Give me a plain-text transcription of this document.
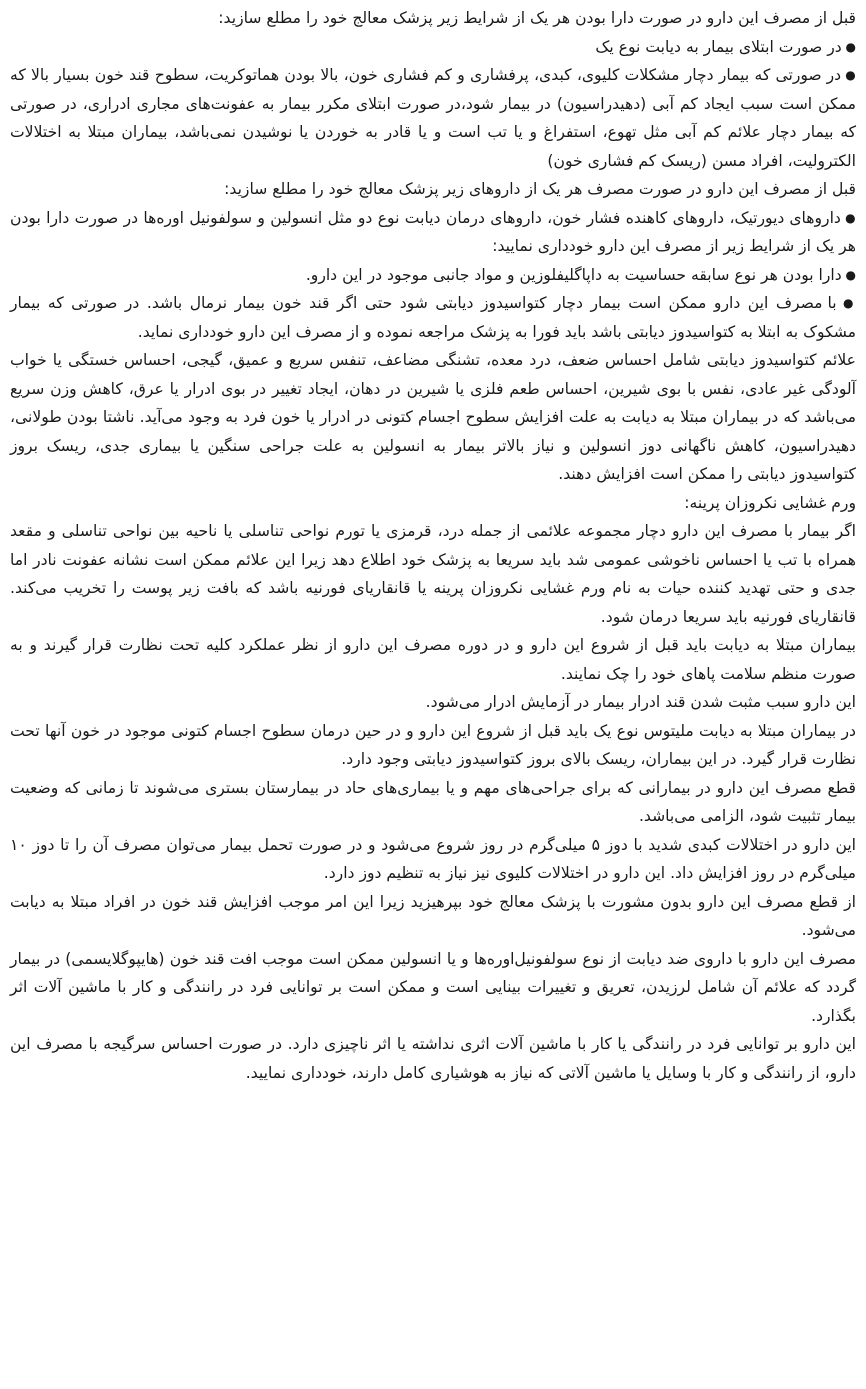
قبل از مصرف این دارو در صورت دارا بودن هر یک از شرایط زیر پزشک معالج خود را مطلع سازید:

● در صورت ابتلای بیمار به دیابت نوع یک

● در صورتی که بیمار دچار مشکلات کلیوی، کبدی، پرفشاری و کم فشاری خون، بالا بودن هماتوکریت، سطوح قند خون بسیار بالا که ممکن است سبب ایجاد کم آبی (دهیدراسیون) در بیمار شود،در صورت ابتلای مکرر بیمار به عفونت‌های مجاری ادراری، در صورتی که بیمار دچار علائم کم آبی مثل تهوع، استفراغ و یا تب است و یا قادر به خوردن یا نوشیدن نمی‌باشد، بیماران مبتلا به اختلالات الکترولیت، افراد مسن (ریسک کم فشاری خون)

قبل از مصرف این دارو در صورت مصرف هر یک از داروهای زیر پزشک معالج خود را مطلع سازید:

● داروهای دیورتیک، داروهای کاهنده فشار خون، داروهای درمان دیابت نوع دو مثل انسولین و سولفونیل اوره‌ها در صورت دارا بودن هر یک از شرایط زیر از مصرف این دارو خودداری نمایید:

● دارا بودن هر نوع سابقه حساسیت به داپاگلیفلوزین و مواد جانبی موجود در این دارو.

● با مصرف این دارو ممکن است بیمار دچار کتواسیدوز دیابتی شود حتی اگر قند خون بیمار نرمال باشد. در صورتی که بیمار مشکوک به ابتلا به کتواسیدوز دیابتی باشد باید فورا به پزشک مراجعه نموده و از مصرف این دارو خودداری نماید.

علائم کتواسیدوز دیابتی شامل احساس ضعف، درد معده، تشنگی مضاعف، تنفس سریع و عمیق، گیجی، احساس خستگی یا خواب آلودگی غیر عادی، نفس با بوی شیرین، احساس طعم فلزی یا شیرین در دهان، ایجاد تغییر در بوی ادرار یا عرق، کاهش وزن سریع می‌باشد که در بیماران مبتلا به دیابت به علت افزایش سطوح اجسام کتونی در ادرار یا خون فرد به وجود می‌آید. ناشتا بودن طولانی، دهیدراسیون، کاهش ناگهانی دوز انسولین و نیاز بالاتر بیمار به انسولین به علت جراحی سنگین یا بیماری جدی، ریسک بروز کتواسیدوز دیابتی را ممکن است افزایش دهند.

ورم غشایی نکروزان پرینه:

اگر بیمار با مصرف این دارو دچار مجموعه علائمی از جمله درد، قرمزی یا تورم نواحی تناسلی یا ناحیه بین نواحی تناسلی و مقعد همراه با تب یا احساس ناخوشی عمومی شد باید سریعا به پزشک خود اطلاع دهد زیرا این علائم ممکن است نشانه عفونت نادر اما جدی و حتی تهدید کننده حیات به نام ورم غشایی نکروزان پرینه یا قانقاریای فورنیه باشد که بافت زیر پوست را تخریب می‌کند. قانقاریای فورنیه باید سریعا درمان شود.

بیماران مبتلا به دیابت باید قبل از شروع این دارو و در دوره مصرف این دارو از نظر عملکرد کلیه تحت نظارت قرار گیرند و به صورت منظم سلامت پاهای خود را چک نمایند.

این دارو سبب مثبت شدن قند ادرار بیمار در آزمایش ادرار می‌شود.

در بیماران مبتلا به دیابت ملیتوس نوع یک باید قبل از شروع این دارو و در حین درمان سطوح اجسام کتونی موجود در خون آنها تحت نظارت قرار گیرد. در این بیماران، ریسک بالای بروز کتواسیدوز دیابتی وجود دارد.

قطع مصرف این دارو در بیمارانی که برای جراحی‌های مهم و یا بیماری‌های حاد در بیمارستان بستری می‌شوند تا زمانی که وضعیت بیمار تثبیت شود، الزامی می‌باشد.

این دارو در اختلالات کبدی شدید با دوز ۵ میلی‌گرم در روز شروع می‌شود و در صورت تحمل بیمار می‌توان مصرف آن را تا دوز ۱۰ میلی‌گرم در روز افزایش داد. این دارو در اختلالات کلیوی نیز نیاز به تنظیم دوز دارد.

از قطع مصرف این دارو بدون مشورت با پزشک معالج خود بپرهیزید زیرا این امر موجب افزایش قند خون در افراد مبتلا به دیابت می‌شود.

مصرف این دارو با داروی ضد دیابت از نوع سولفونیل‌اوره‌ها و یا انسولین ممکن است موجب افت قند خون (هایپوگلایسمی) در بیمار گردد که علائم آن شامل لرزیدن، تعریق و تغییرات بینایی است و ممکن است بر توانایی فرد در رانندگی و کار با ماشین آلات اثر بگذارد.

این دارو بر توانایی فرد در رانندگی یا کار با ماشین آلات اثری نداشته یا اثر ناچیزی دارد. در صورت احساس سرگیجه با مصرف این دارو، از رانندگی و کار با وسایل یا ماشین آلاتی که نیاز به هوشیاری کامل دارند، خودداری نمایید.
